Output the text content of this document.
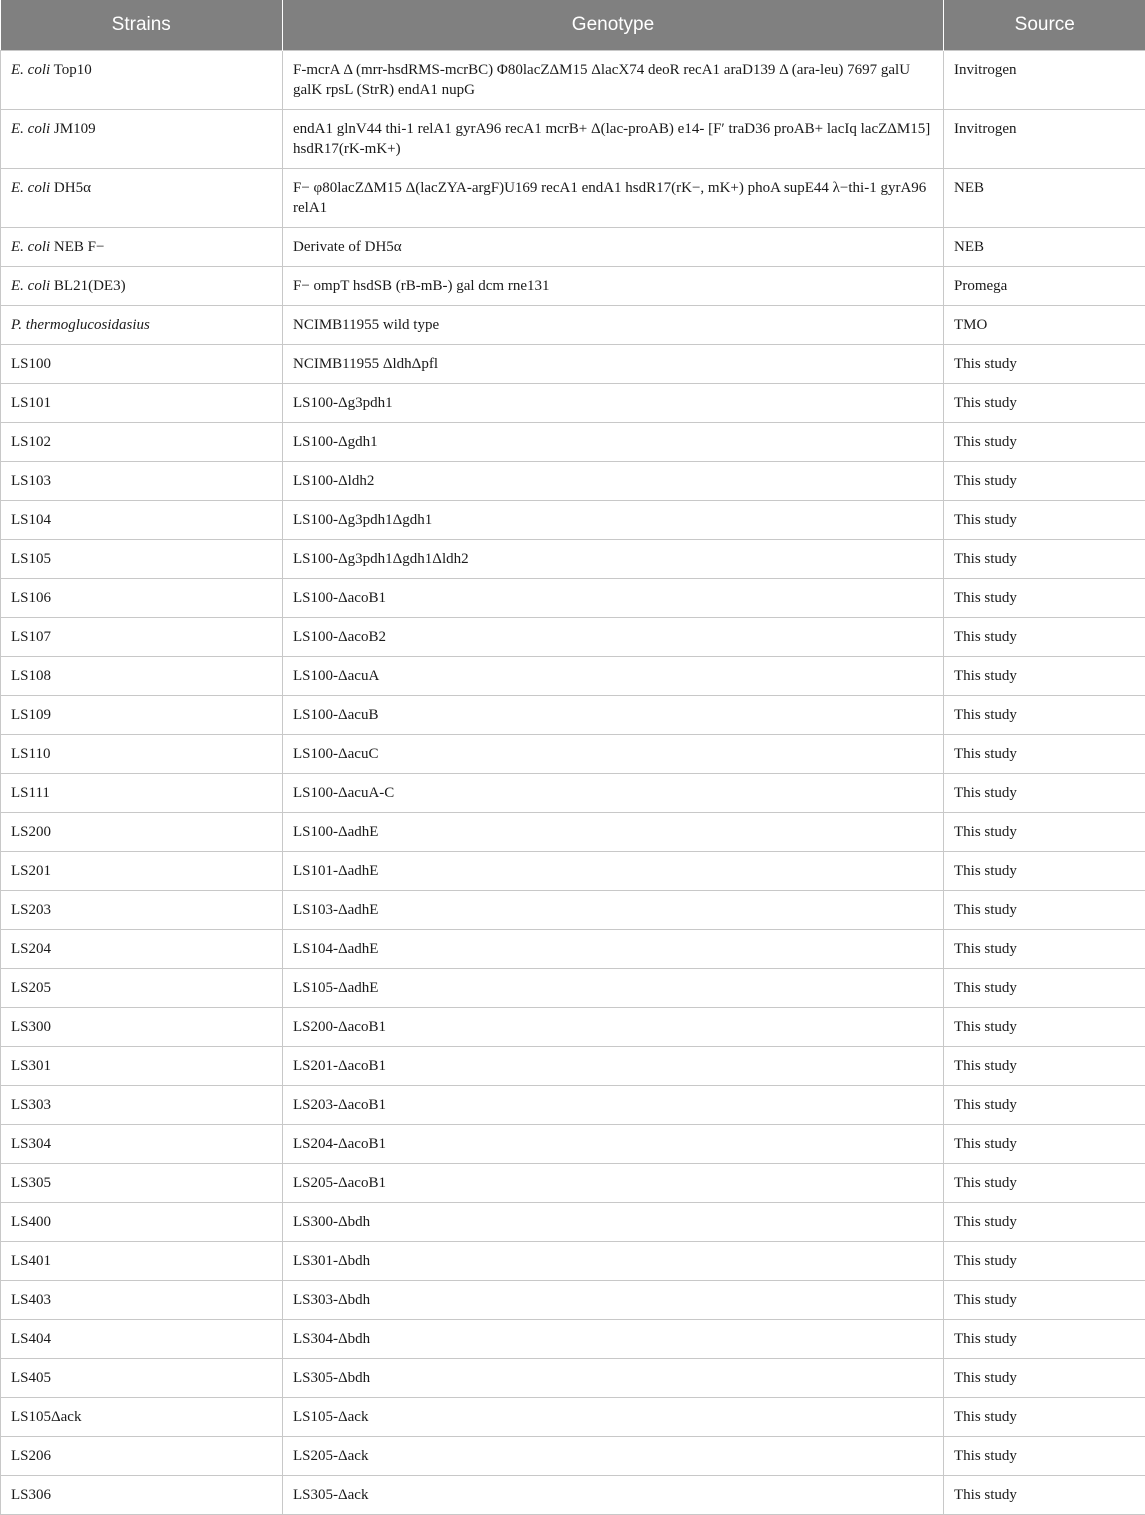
Strains	Genotype	Source
E. coli Top10	F-mcrA Δ (mrr-hsdRMS-mcrBC) Φ80lacZΔM15 ΔlacX74 deoR recA1 araD139 Δ (ara-leu) 7697 galU galK rpsL (StrR) endA1 nupG	Invitrogen
E. coli JM109	endA1 glnV44 thi-1 relA1 gyrA96 recA1 mcrB+ Δ(lac-proAB) e14- [F′ traD36 proAB+ lacIq lacZΔM15] hsdR17(rK-mK+)	Invitrogen
E. coli DH5α	F− φ80lacZΔM15 Δ(lacZYA-argF)U169 recA1 endA1 hsdR17(rK−, mK+) phoA supE44 λ−thi-1 gyrA96 relA1	NEB
E. coli NEB F−	Derivate of DH5α	NEB
E. coli BL21(DE3)	F− ompT hsdSB (rB-mB-) gal dcm rne131	Promega
P. thermoglucosidasius	NCIMB11955 wild type	TMO
LS100	NCIMB11955 ΔldhΔpfl	This study
LS101	LS100-Δg3pdh1	This study
LS102	LS100-Δgdh1	This study
LS103	LS100-Δldh2	This study
LS104	LS100-Δg3pdh1Δgdh1	This study
LS105	LS100-Δg3pdh1Δgdh1Δldh2	This study
LS106	LS100-ΔacoB1	This study
LS107	LS100-ΔacoB2	This study
LS108	LS100-ΔacuA	This study
LS109	LS100-ΔacuB	This study
LS110	LS100-ΔacuC	This study
LS111	LS100-ΔacuA-C	This study
LS200	LS100-ΔadhE	This study
LS201	LS101-ΔadhE	This study
LS203	LS103-ΔadhE	This study
LS204	LS104-ΔadhE	This study
LS205	LS105-ΔadhE	This study
LS300	LS200-ΔacoB1	This study
LS301	LS201-ΔacoB1	This study
LS303	LS203-ΔacoB1	This study
LS304	LS204-ΔacoB1	This study
LS305	LS205-ΔacoB1	This study
LS400	LS300-Δbdh	This study
LS401	LS301-Δbdh	This study
LS403	LS303-Δbdh	This study
LS404	LS304-Δbdh	This study
LS405	LS305-Δbdh	This study
LS105Δack	LS105-Δack	This study
LS206	LS205-Δack	This study
LS306	LS305-Δack	This study
